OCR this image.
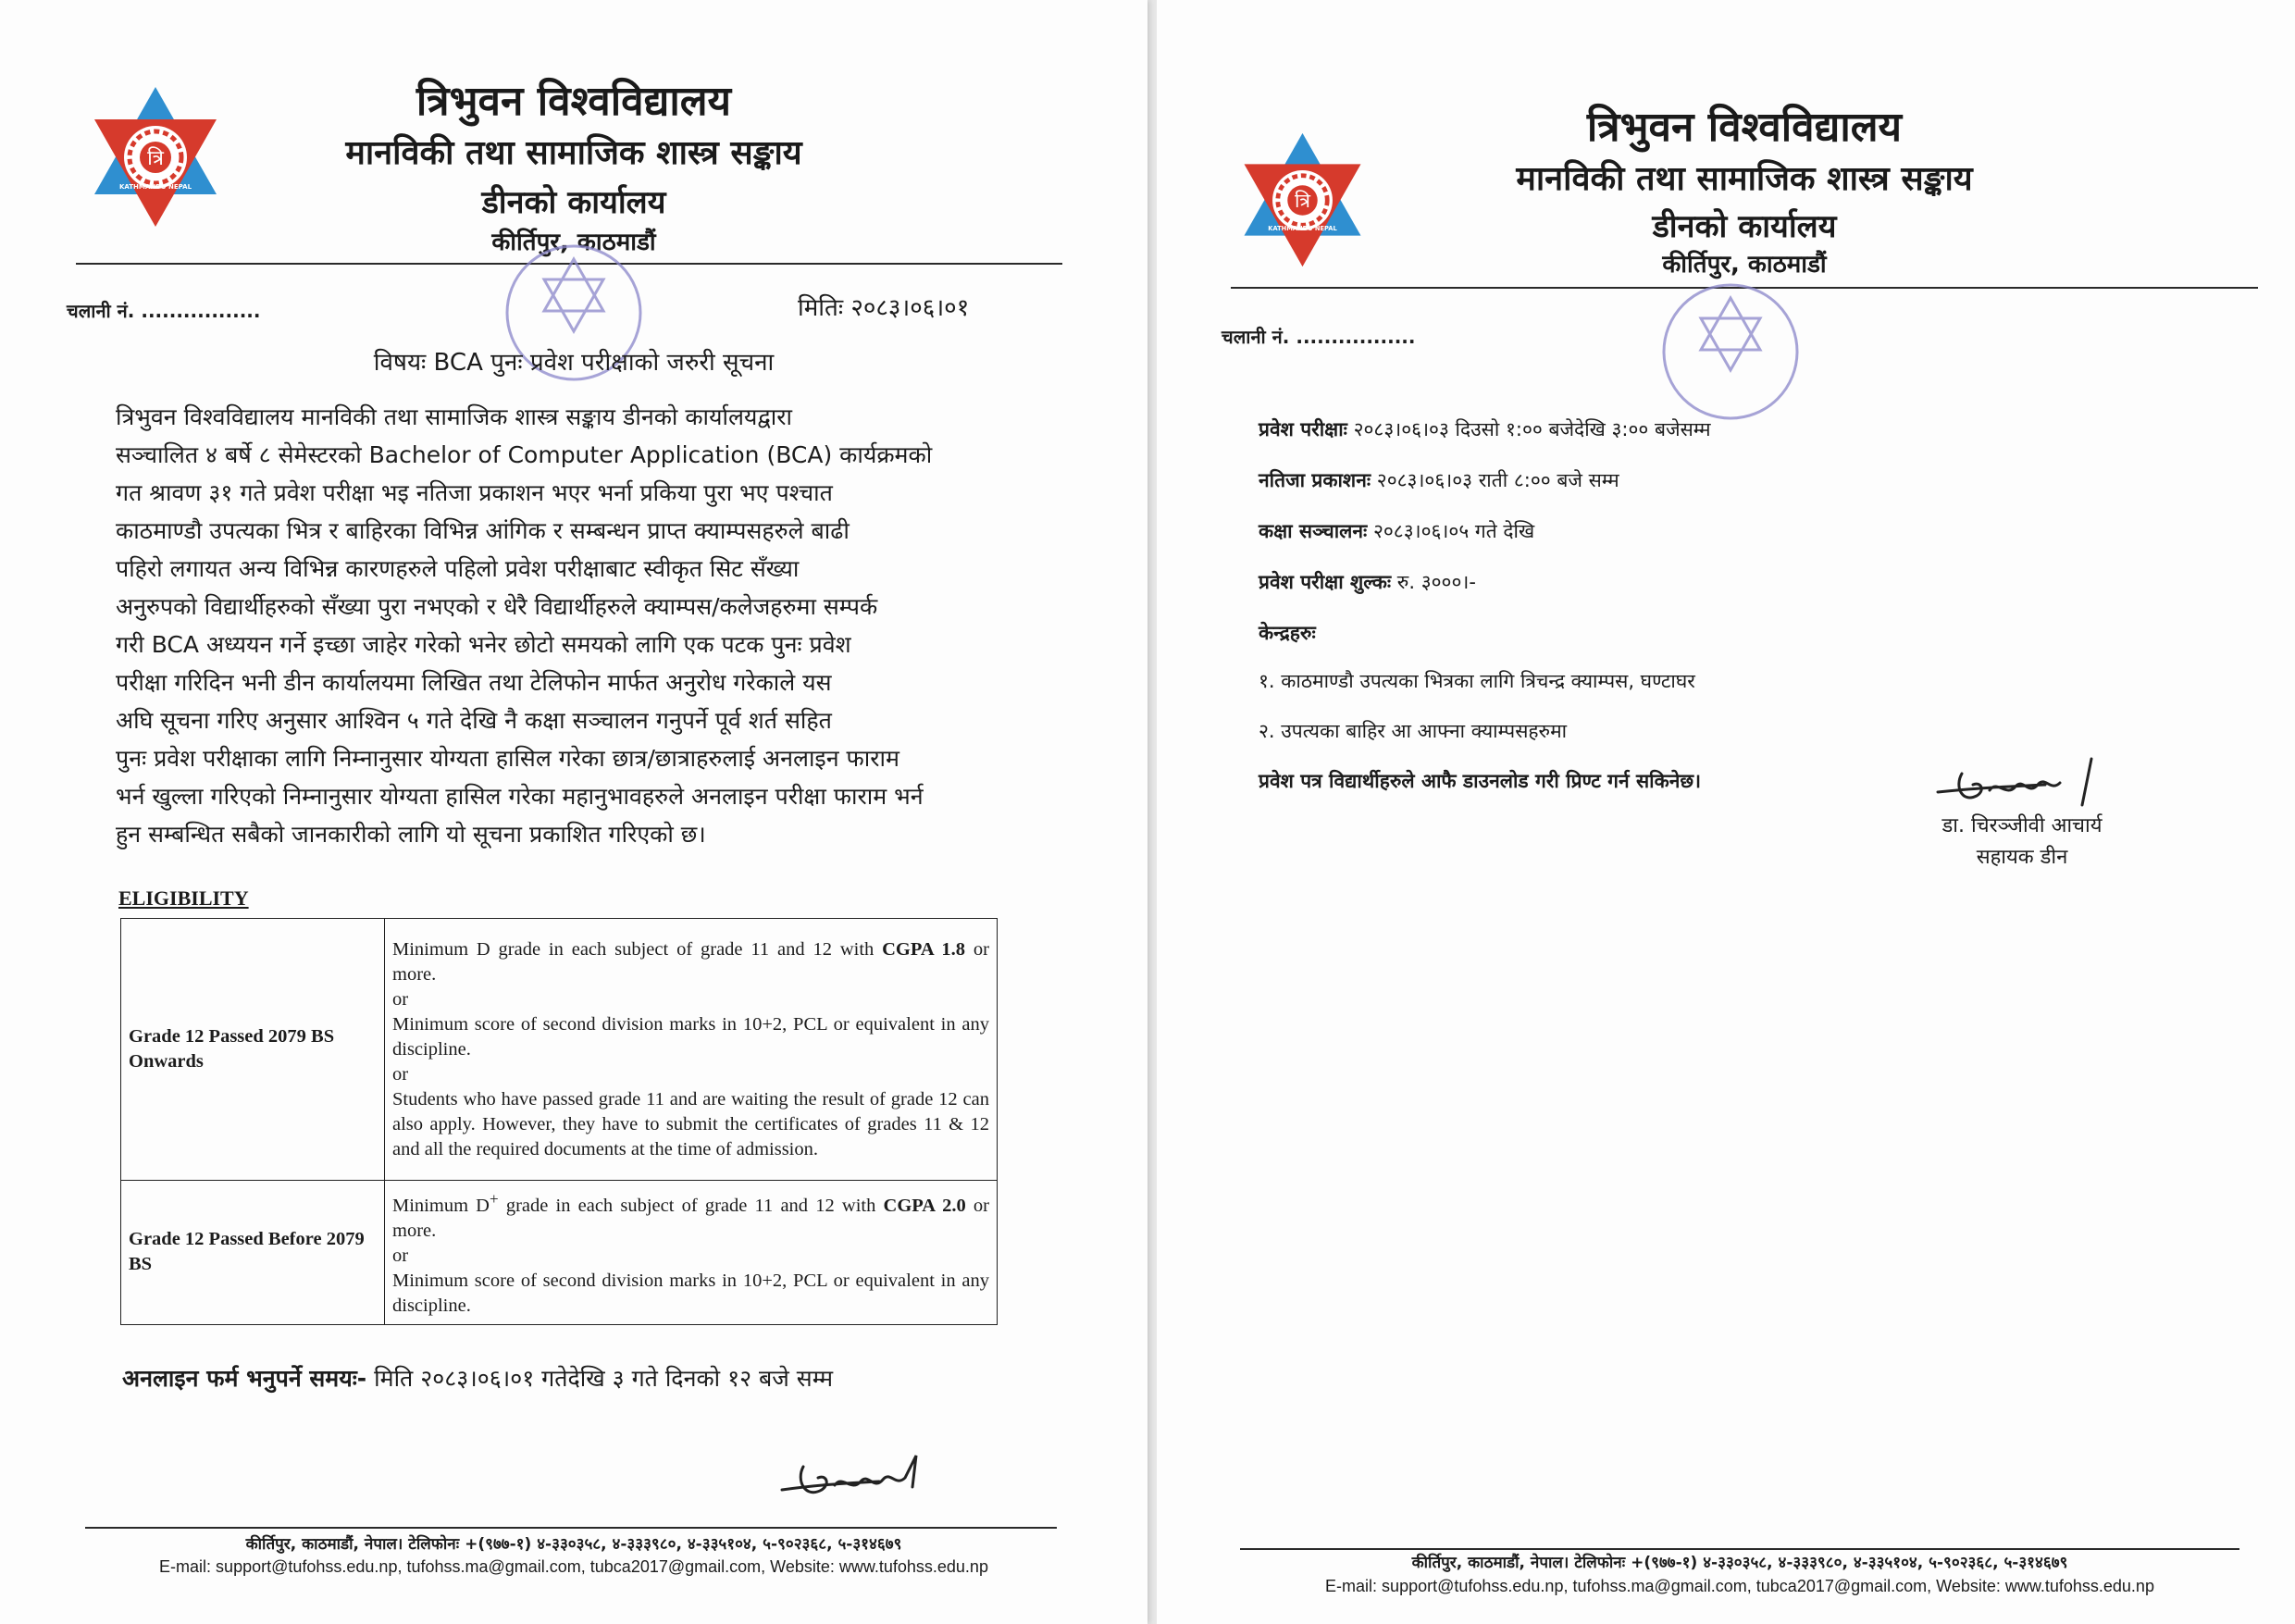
त्रि
KATHMANDU NEPAL
त्रिभुवन विश्वविद्यालय
मानविकी तथा सामाजिक शास्त्र सङ्काय
डीनको कार्यालय
कीर्तिपुर, काठमाडौं
चलानी नं. .................	मितिः २०८३।०६।०१
विषयः BCA पुनः प्रवेश परीक्षाको जरुरी सूचना
त्रिभुवन विश्वविद्यालय मानविकी तथा सामाजिक शास्त्र सङ्काय डीनको कार्यालयद्वारा
सञ्चालित ४ बर्षे ८ सेमेस्टरको Bachelor of Computer Application (BCA) कार्यक्रमको
गत श्रावण ३१ गते प्रवेश परीक्षा भइ नतिजा प्रकाशन भएर भर्ना प्रकिया पुरा भए पश्चात
काठमाण्डौ उपत्यका भित्र र बाहिरका विभिन्न आंगिक र सम्बन्धन प्राप्त क्याम्पसहरुले बाढी
पहिरो लगायत अन्य विभिन्न कारणहरुले पहिलो प्रवेश परीक्षाबाट स्वीकृत सिट सँख्या
अनुरुपको विद्यार्थीहरुको सँख्या पुरा नभएको र धेरै विद्यार्थीहरुले क्याम्पस/कलेजहरुमा सम्पर्क
गरी BCA अध्ययन गर्ने इच्छा जाहेर गरेको भनेर छोटो समयको लागि एक पटक पुनः प्रवेश
परीक्षा गरिदिन भनी डीन कार्यालयमा लिखित तथा टेलिफोन मार्फत अनुरोध गरेकाले यस
अघि सूचना गरिए अनुसार आश्विन ५ गते देखि नै कक्षा सञ्चालन गनुपर्ने पूर्व शर्त सहित
पुनः प्रवेश परीक्षाका लागि निम्नानुसार योग्यता हासिल गरेका छात्र/छात्राहरुलाई अनलाइन फाराम
भर्न खुल्ला गरिएको निम्नानुसार योग्यता हासिल गरेका महानुभावहरुले अनलाइन परीक्षा फाराम भर्न
हुन सम्बन्धित सबैको जानकारीको लागि यो सूचना प्रकाशित गरिएको छ।
ELIGIBILITY
Grade 12 Passed 2079 BS Onwards	Minimum D grade in each subject of grade 11 and 12 with CGPA 1.8 or more.
or
Minimum score of second division marks in 10+2, PCL or equivalent in any discipline.
or
Students who have passed grade 11 and are waiting the result of grade 12 can also apply. However, they have to submit the certificates of grades 11 & 12 and all the required documents at the time of admission.

Grade 12 Passed Before 2079 BS	Minimum D+ grade in each subject of grade 11 and 12 with CGPA 2.0 or more.
or
Minimum score of second division marks in 10+2, PCL or equivalent in any discipline.
अनलाइन फर्म भनुपर्ने समयः- मिति २०८३।०६।०१ गतेदेखि ३ गते दिनको १२ बजे सम्म
कीर्तिपुर, काठमाडौं, नेपाल। टेलिफोनः +(९७७-१) ४-३३०३५८, ४-३३३९८०, ४-३३५१०४, ५-९०२३६८, ५-३१४६७९
E-mail: support@tufohss.edu.np, tufohss.ma@gmail.com, tubca2017@gmail.com, Website: www.tufohss.edu.np
त्रि
KATHMANDU NEPAL
त्रिभुवन विश्वविद्यालय
मानविकी तथा सामाजिक शास्त्र सङ्काय
डीनको कार्यालय
कीर्तिपुर, काठमाडौं
चलानी नं. .................
प्रवेश परीक्षाः २०८३।०६।०३ दिउसो १:०० बजेदेखि ३:०० बजेसम्म
नतिजा प्रकाशनः २०८३।०६।०३ राती ८:०० बजे सम्म
कक्षा सञ्चालनः २०८३।०६।०५ गते देखि
प्रवेश परीक्षा शुल्कः रु. ३०००।-
केन्द्रहरुः
१. काठमाण्डौ उपत्यका भित्रका लागि त्रिचन्द्र क्याम्पस, घण्टाघर
२. उपत्यका बाहिर आ आफ्ना क्याम्पसहरुमा
प्रवेश पत्र विद्यार्थीहरुले आफै डाउनलोड गरी प्रिण्ट गर्न सकिनेछ।
डा. चिरञ्जीवी आचार्य
सहायक डीन
कीर्तिपुर, काठमाडौं, नेपाल। टेलिफोनः +(९७७-१) ४-३३०३५८, ४-३३३९८०, ४-३३५१०४, ५-९०२३६८, ५-३१४६७९
E-mail: support@tufohss.edu.np, tufohss.ma@gmail.com, tubca2017@gmail.com, Website: www.tufohss.edu.np
